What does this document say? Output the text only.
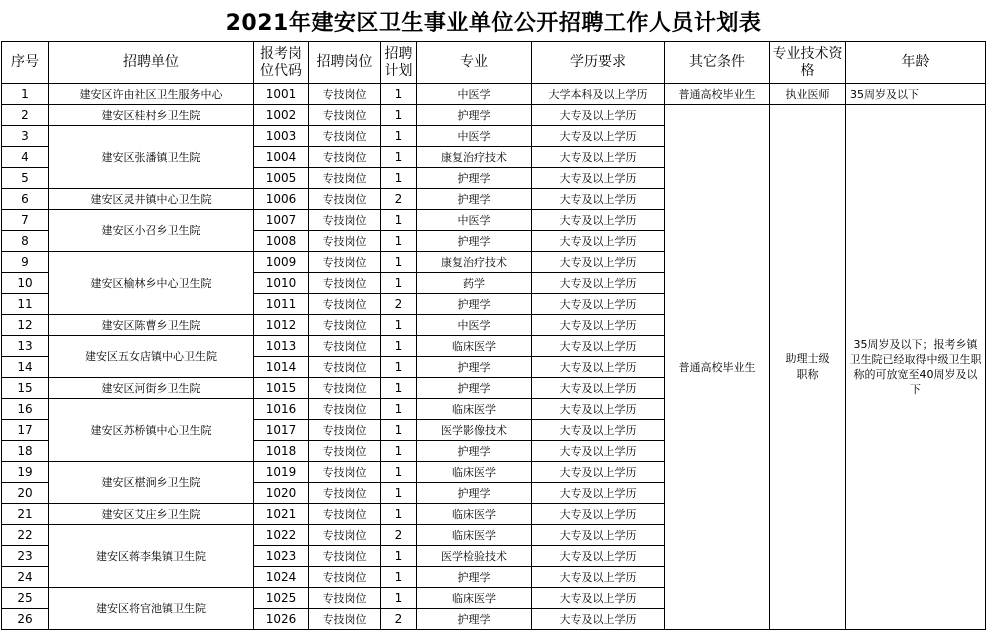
2021年建安区卫生事业单位公开招聘工作人员计划表
序号	招聘单位	报考岗位代码	招聘岗位	招聘计划	专业	学历要求	其它条件	专业技术资格	年龄
1	建安区许由社区卫生服务中心	1001	专技岗位	1	中医学	大学本科及以上学历	普通高校毕业生	执业医师	35周岁及以下
2	建安区桂村乡卫生院	1002	专技岗位	1	护理学	大专及以上学历	普通高校毕业生	助理士级职称	35周岁及以下；报考乡镇卫生院已经取得中级卫生职称的可放宽至40周岁及以下
3	建安区张潘镇卫生院	1003	专技岗位	1	中医学	大专及以上学历			
4		1004	专技岗位	1	康复治疗技术	大专及以上学历			
5		1005	专技岗位	1	护理学	大专及以上学历			
6	建安区灵井镇中心卫生院	1006	专技岗位	2	护理学	大专及以上学历			
7	建安区小召乡卫生院	1007	专技岗位	1	中医学	大专及以上学历			
8		1008	专技岗位	1	护理学	大专及以上学历			
9	建安区榆林乡中心卫生院	1009	专技岗位	1	康复治疗技术	大专及以上学历			
10		1010	专技岗位	1	药学	大专及以上学历			
11		1011	专技岗位	2	护理学	大专及以上学历			
12	建安区陈曹乡卫生院	1012	专技岗位	1	中医学	大专及以上学历			
13	建安区五女店镇中心卫生院	1013	专技岗位	1	临床医学	大专及以上学历			
14		1014	专技岗位	1	护理学	大专及以上学历			
15	建安区河街乡卫生院	1015	专技岗位	1	护理学	大专及以上学历			
16	建安区苏桥镇中心卫生院	1016	专技岗位	1	临床医学	大专及以上学历			
17		1017	专技岗位	1	医学影像技术	大专及以上学历			
18		1018	专技岗位	1	护理学	大专及以上学历			
19	建安区椹涧乡卫生院	1019	专技岗位	1	临床医学	大专及以上学历			
20		1020	专技岗位	1	护理学	大专及以上学历			
21	建安区艾庄乡卫生院	1021	专技岗位	1	临床医学	大专及以上学历			
22	建安区蒋李集镇卫生院	1022	专技岗位	2	临床医学	大专及以上学历			
23		1023	专技岗位	1	医学检验技术	大专及以上学历			
24		1024	专技岗位	1	护理学	大专及以上学历			
25	建安区将官池镇卫生院	1025	专技岗位	1	临床医学	大专及以上学历			
26		1026	专技岗位	2	护理学	大专及以上学历			
